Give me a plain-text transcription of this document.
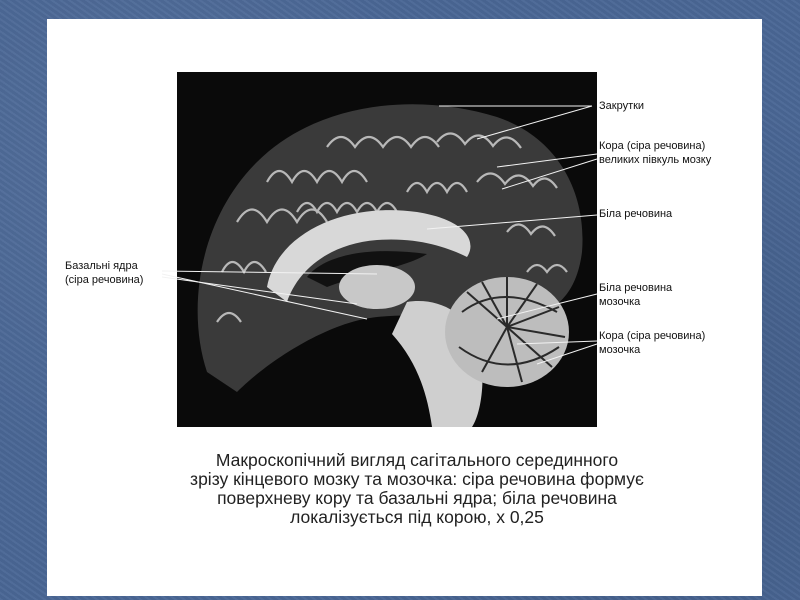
Закрутки
Кора (сіра речовина)
великих півкуль мозку
Біла речовина
Базальні ядра
(сіра речовина)
Біла речовина
мозочка
Кора (сіра речовина)
мозочка
Макроскопічний вигляд сагітального серединного
зрізу кінцевого мозку та мозочка: сіра речовина формує
поверхневу кору та базальні ядра; біла речовина
локалізується під корою, х 0,25
